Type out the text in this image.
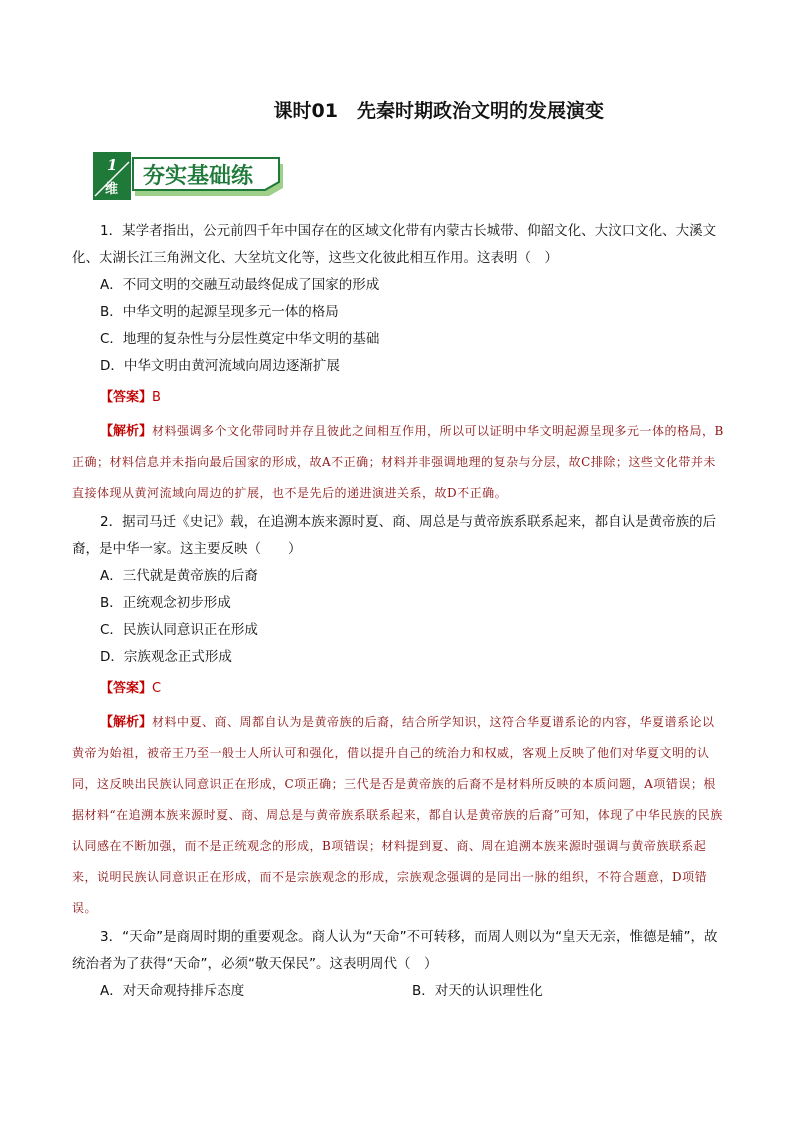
课时01　先秦时期政治文明的发展演变
1
维
夯实基础练

1．某学者指出，公元前四千年中国存在的区域文化带有内蒙古长城带、仰韶文化、大汶口文化、大溪文化、太湖长江三角洲文化、大坌坑文化等，这些文化彼此相互作用。这表明（　）

A．不同文明的交融互动最终促成了国家的形成

B．中华文明的起源呈现多元一体的格局

C．地理的复杂性与分层性奠定中华文明的基础

D．中华文明由黄河流域向周边逐渐扩展

【答案】B

【解析】材料强调多个文化带同时并存且彼此之间相互作用，所以可以证明中华文明起源呈现多元一体的格局，B正确；材料信息并未指向最后国家的形成，故A不正确；材料并非强调地理的复杂与分层，故C排除；这些文化带并未直接体现从黄河流域向周边的扩展，也不是先后的递进演进关系，故D不正确。

2．据司马迁《史记》载，在追溯本族来源时夏、商、周总是与黄帝族系联系起来，都自认是黄帝族的后裔，是中华一家。这主要反映（　　）

A．三代就是黄帝族的后裔

B．正统观念初步形成

C．民族认同意识正在形成

D．宗族观念正式形成

【答案】C

【解析】材料中夏、商、周都自认为是黄帝族的后裔，结合所学知识，这符合华夏谱系论的内容，华夏谱系论以黄帝为始祖，被帝王乃至一般士人所认可和强化，借以提升自己的统治力和权威，客观上反映了他们对华夏文明的认同，这反映出民族认同意识正在形成，C项正确；三代是否是黄帝族的后裔不是材料所反映的本质问题，A项错误；根据材料“在追溯本族来源时夏、商、周总是与黄帝族系联系起来，都自认是黄帝族的后裔”可知，体现了中华民族的民族认同感在不断加强，而不是正统观念的形成，B项错误；材料提到夏、商、周在追溯本族来源时强调与黄帝族联系起来，说明民族认同意识正在形成，而不是宗族观念的形成，宗族观念强调的是同出一脉的组织，不符合题意，D项错误。

3．“天命”是商周时期的重要观念。商人认为“天命”不可转移，而周人则以为“皇天无亲，惟德是辅”，故统治者为了获得“天命”，必须“敬天保民”。这表明周代（　）

A．对天命观持排斥态度	B．对天的认识理性化
